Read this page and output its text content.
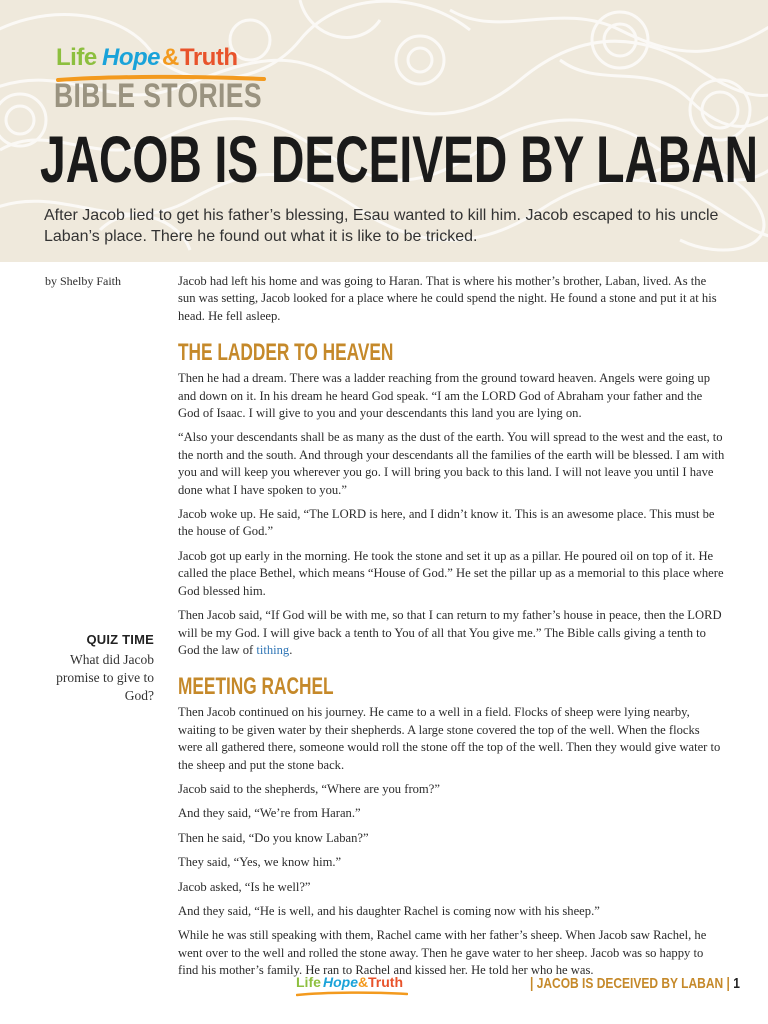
Life Hope & Truth
BIBLE STORIES
JACOB IS DECEIVED BY LABAN
After Jacob lied to get his father’s blessing, Esau wanted to kill him. Jacob escaped to his uncle Laban’s place. There he found out what it is like to be tricked.
by Shelby Faith
QUIZ TIME
What did Jacob promise to give to God?

Jacob had left his home and was going to Haran. That is where his mother’s brother, Laban, lived. As the sun was setting, Jacob looked for a place where he could spend the night. He found a stone and put it at his head. He fell asleep.

THE LADDER TO HEAVEN

Then he had a dream. There was a ladder reaching from the ground toward heaven. Angels were going up and down on it. In his dream he heard God speak. “I am the LORD God of Abraham your father and the God of Isaac. I will give to you and your descendants this land you are lying on.

“Also your descendants shall be as many as the dust of the earth. You will spread to the west and the east, to the north and the south. And through your descendants all the families of the earth will be blessed. I am with you and will keep you wherever you go. I will bring you back to this land. I will not leave you until I have done what I have spoken to you.”

Jacob woke up. He said, “The LORD is here, and I didn’t know it. This is an awesome place. This must be the house of God.”

Jacob got up early in the morning. He took the stone and set it up as a pillar. He poured oil on top of it. He called the place Bethel, which means “House of God.” He set the pillar up as a memorial to this place where God blessed him.

Then Jacob said, “If God will be with me, so that I can return to my father’s house in peace, then the LORD will be my God. I will give back a tenth to You of all that You give me.” The Bible calls giving a tenth to God the law of tithing.

MEETING RACHEL

Then Jacob continued on his journey. He came to a well in a field. Flocks of sheep were lying nearby, waiting to be given water by their shepherds. A large stone covered the top of the well. When the flocks were all gathered there, someone would roll the stone off the top of the well. Then they would give water to the sheep and put the stone back.

Jacob said to the shepherds, “Where are you from?”

And they said, “We’re from Haran.”

Then he said, “Do you know Laban?”

They said, “Yes, we know him.”

Jacob asked, “Is he well?”

And they said, “He is well, and his daughter Rachel is coming now with his sheep.”

While he was still speaking with them, Rachel came with her father’s sheep. When Jacob saw Rachel, he went over to the well and rolled the stone away. Then he gave water to her sheep. Jacob was so happy to find his mother’s family. He ran to Rachel and kissed her. He told her who he was.

Life Hope & Truth	| JACOB IS DECEIVED BY LABAN | 1
